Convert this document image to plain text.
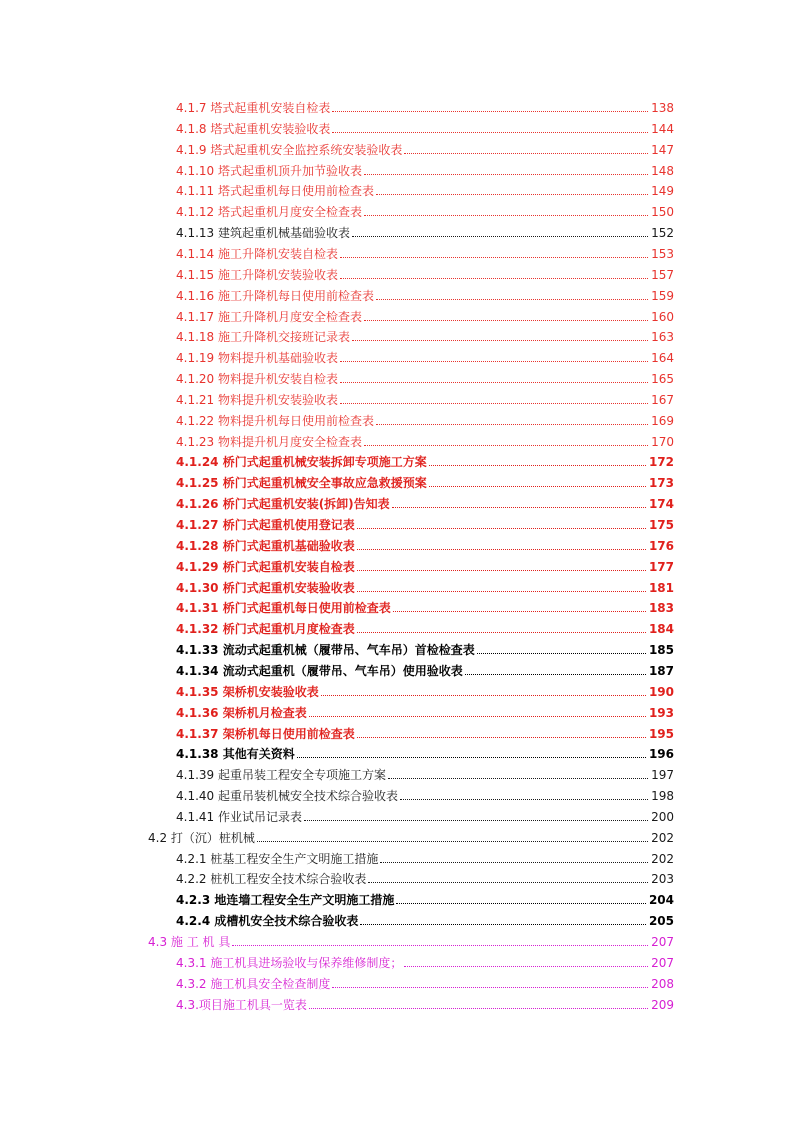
4.1.7 塔式起重机安装自检表	138
4.1.8 塔式起重机安装验收表	144
4.1.9 塔式起重机安全监控系统安装验收表	147
4.1.10 塔式起重机顶升加节验收表	148
4.1.11 塔式起重机每日使用前检查表	149
4.1.12 塔式起重机月度安全检查表	150
4.1.13 建筑起重机械基础验收表	152
4.1.14 施工升降机安装自检表	153
4.1.15 施工升降机安装验收表	157
4.1.16 施工升降机每日使用前检查表	159
4.1.17 施工升降机月度安全检查表	160
4.1.18 施工升降机交接班记录表	163
4.1.19 物料提升机基础验收表	164
4.1.20 物料提升机安装自检表	165
4.1.21 物料提升机安装验收表	167
4.1.22 物料提升机每日使用前检查表	169
4.1.23 物料提升机月度安全检查表	170
4.1.24 桥门式起重机械安装拆卸专项施工方案	172
4.1.25 桥门式起重机械安全事故应急救援预案	173
4.1.26 桥门式起重机安装(拆卸)告知表	174
4.1.27 桥门式起重机使用登记表	175
4.1.28 桥门式起重机基础验收表	176
4.1.29 桥门式起重机安装自检表	177
4.1.30 桥门式起重机安装验收表	181
4.1.31 桥门式起重机每日使用前检查表	183
4.1.32 桥门式起重机月度检查表	184
4.1.33 流动式起重机械（履带吊、气车吊）首检检查表	185
4.1.34 流动式起重机（履带吊、气车吊）使用验收表	187
4.1.35 架桥机安装验收表	190
4.1.36 架桥机月检查表	193
4.1.37 架桥机每日使用前检查表	195
4.1.38 其他有关资料	196
4.1.39 起重吊装工程安全专项施工方案	197
4.1.40 起重吊装机械安全技术综合验收表	198
4.1.41 作业试吊记录表	200
4.2 打（沉）桩机械	202
4.2.1 桩基工程安全生产文明施工措施	202
4.2.2 桩机工程安全技术综合验收表	203
4.2.3 地连墙工程安全生产文明施工措施	204
4.2.4 成槽机安全技术综合验收表	205
4.3 施 工 机 具	207
4.3.1 施工机具进场验收与保养维修制度；	207
4.3.2 施工机具安全检查制度	208
4.3.项目施工机具一览表	209
